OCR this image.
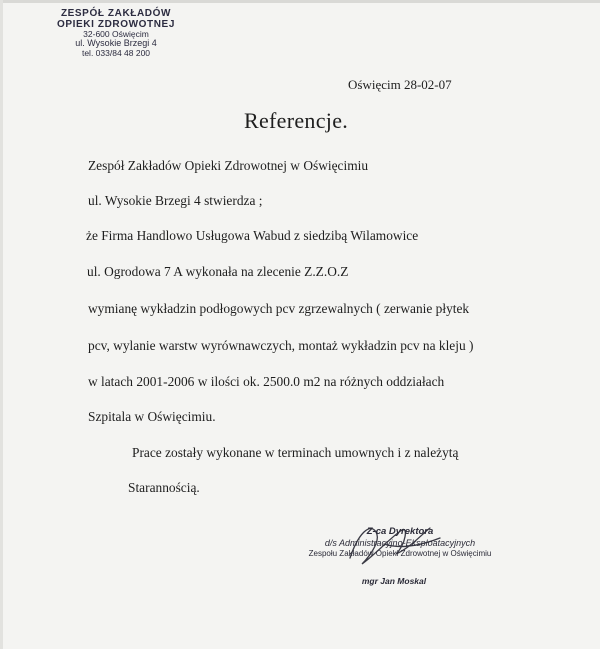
ZESPÓŁ ZAKŁADÓW
OPIEKI ZDROWOTNEJ
32-600 Oświęcim
ul. Wysokie Brzegi 4
tel. 033/84 48 200
Oświęcim 28-02-07
Referencje.
Zespół Zakładów Opieki Zdrowotnej w Oświęcimiu
ul. Wysokie Brzegi 4 stwierdza ;
że Firma Handlowo Usługowa Wabud z siedzibą Wilamowice
ul. Ogrodowa 7 A wykonała na zlecenie Z.Z.O.Z
wymianę wykładzin podłogowych pcv zgrzewalnych ( zerwanie płytek
pcv, wylanie warstw wyrównawczych, montaż wykładzin pcv na kleju )
w latach 2001-2006 w ilości ok. 2500.0 m2 na różnych oddziałach
Szpitala w Oświęcimiu.
Prace zostały wykonane w terminach umownych i z należytą
Starannością.
Z-ca Dyrektora
d/s Administracyjno-Eksploatacyjnych
Zespołu Zakładów Opieki Zdrowotnej w Oświęcimiu
mgr Jan Moskal
